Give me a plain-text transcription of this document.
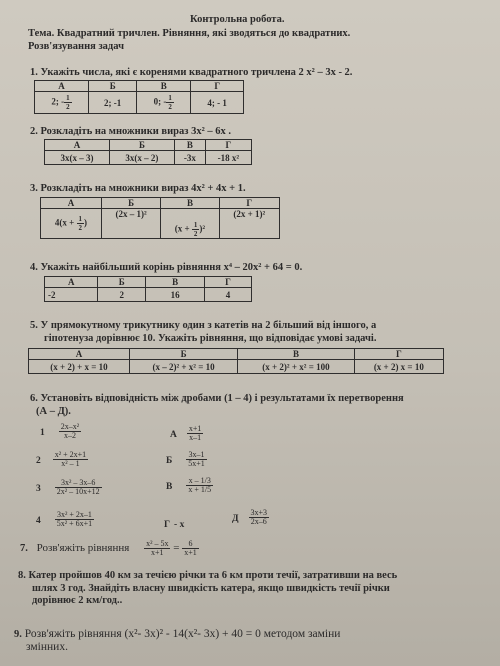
Контрольна робота.
Тема. Квадратний тричлен. Рівняння, які зводяться до квадратних.
Розв'язування задач
1. Укажіть числа, які є коренями квадратного тричлена 2 x² – 3x - 2.
А	Б	В	Г
2; - $\frac{1}{2}$	2; -1	0; - $\frac{1}{2}$	4; - 1
2. Розкладіть на множники вираз 3x² – 6x .
А	Б	В	Г
3x(x – 3)	3x(x – 2)	-3x	-18 x²
3. Розкладіть на множники вираз 4x² + 4x + 1.
А	Б	В	Г
$4(x + \frac{1}{2}$ )	(2x – 1)²	$(x + \frac{1}{2} )^2$	(2x + 1)²
4. Укажіть найбільший корінь рівняння x⁴ – 20x² + 64 = 0.
А	Б	В	Г
-2	2	16	4
5. У прямокутному трикутнику один з катетів на 2 більший від іншого, а
гіпотенуза дорівнює 10. Укажіть рівняння, що відповідає умові задачі.
А	Б	В	Г
(x + 2) + x = 10	(x – 2)² + x² = 10	(x + 2)² + x² = 100	(x + 2) x = 10
6. Установіть відповідність між дробами (1 – 4) і результатами їх перетворення
(А – Д).
$1 \frac{\text{2x–x²}}{x-2}$
$2 \frac{\text{x² + 2x+1}}{\text{x² – 1}}$
$3 \frac{\text{3x² – 3x–6}}{\text{2x² – 10x+12}}$
$4 \frac{\text{3x² + 2x–1}}{\text{5x² + 6x+1}}$
А $\frac{x+1}{x-1}$
Б $\frac{3x-1}{5x+1}$
В $\frac{x - 1/3}{x + 1/5}$
Г - x
Д $\frac{3x+3}{2x-6}$
7. Розв'яжіть рівняння $\frac{\text{x² – 5x}}{x+1} = \frac{6}{x+1}$
8. Катер пройшов 40 км за течією річки та 6 км проти течії, затративши на весь
шлях 3 год. Знайдіть власну швидкість катера, якщо швидкість течії річки
дорівнює 2 км/год..
9. Розв'яжіть рівняння (x²- 3x)² - 14(x²- 3x) + 40 = 0 методом заміни
змінних.
